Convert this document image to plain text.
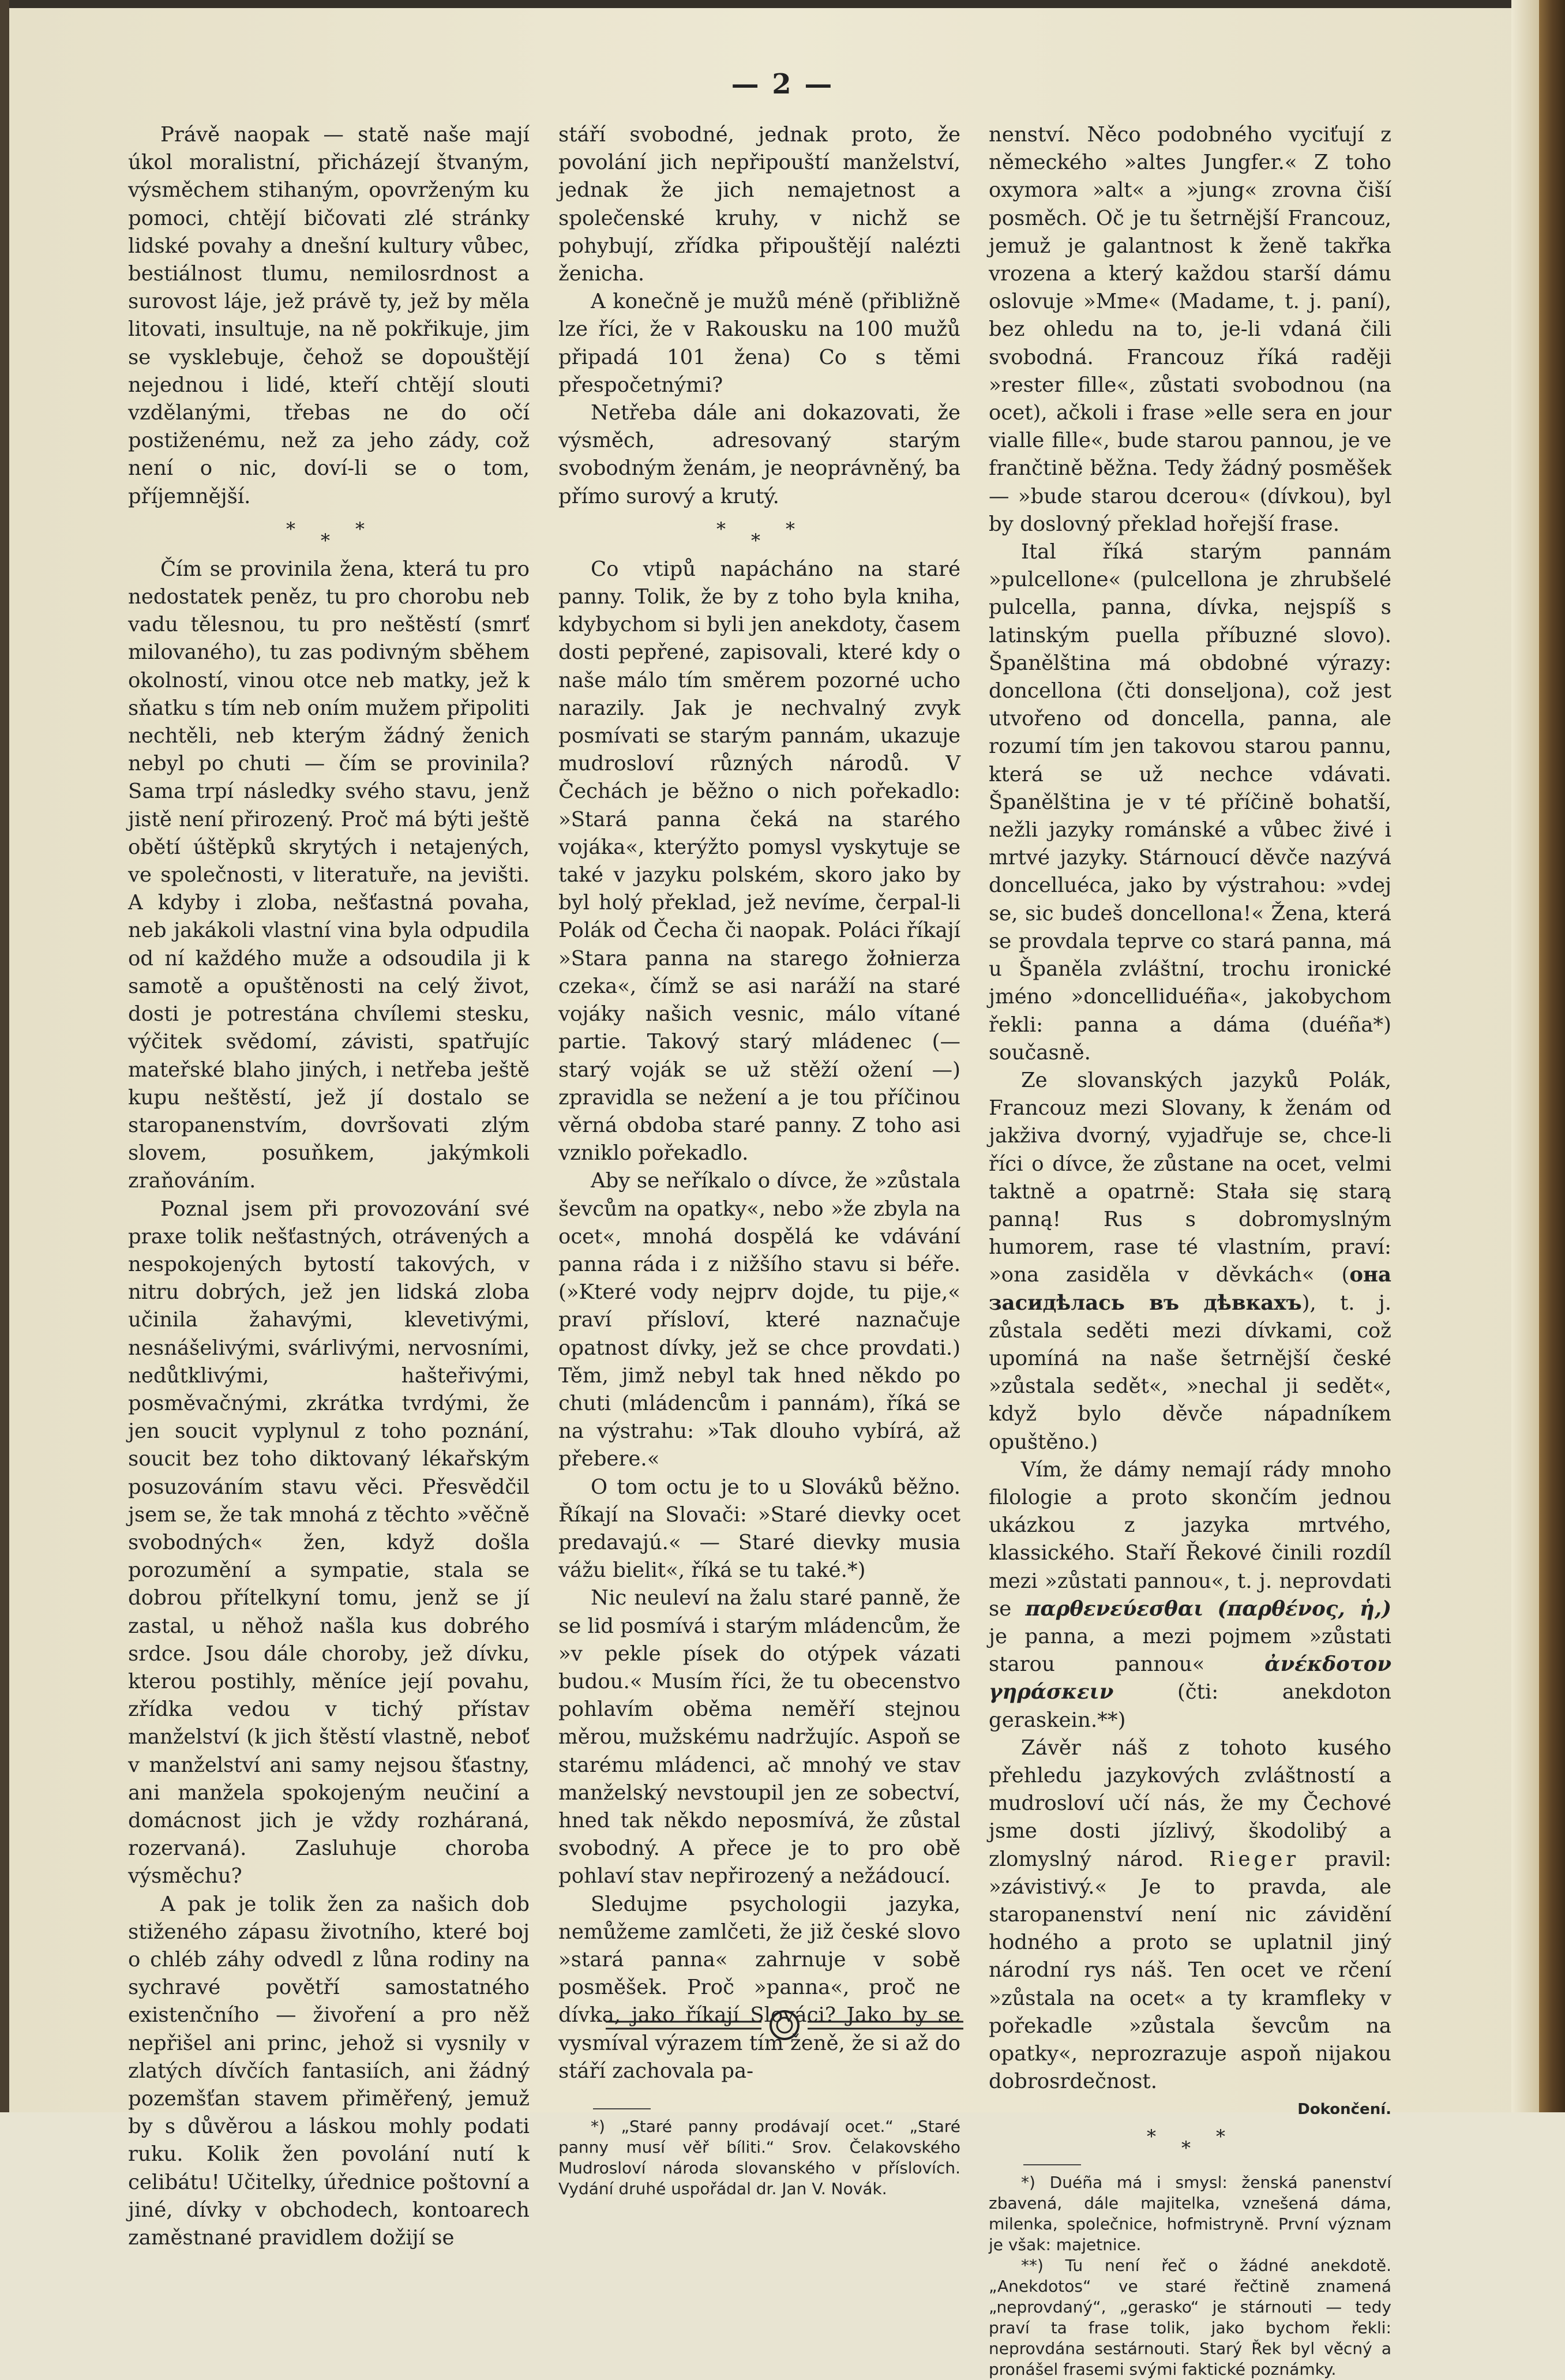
— 2 —

Právě naopak — statě naše mají úkol moralistní, přicházejí štvaným, výsměchem stihaným, opovrženým ku pomoci, chtějí bičovati zlé stránky lidské povahy a dnešní kultury vůbec, bestiálnost tlumu, nemilosrdnost a surovost láje, jež právě ty, jež by měla litovati, insultuje, na ně pokřikuje, jim se vysklebuje, čehož se dopouštějí nejednou i lidé, kteří chtějí slouti vzdělanými, třebas ne do očí postiženému, než za jeho zády, což není o nic, doví-li se o tom, příjemnější.

*
*
*

Čím se provinila žena, která tu pro nedostatek peněz, tu pro chorobu neb vadu tělesnou, tu pro neštěstí (smrť milovaného), tu zas podivným sběhem okolností, vinou otce neb matky, jež k sňatku s tím neb oním mužem připoliti nechtěli, neb kterým žádný ženich nebyl po chuti — čím se provinila? Sama trpí následky svého stavu, jenž jistě není přirozený. Proč má býti ještě obětí úštěpků skrytých i netajených, ve společnosti, v literatuře, na jevišti. A kdyby i zloba, nešťastná povaha, neb jakákoli vlastní vina byla odpudila od ní každého muže a odsoudila ji k samotě a opuštěnosti na celý život, dosti je potrestána chvílemi stesku, výčitek svědomí, závisti, spatřujíc mateřské blaho jiných, i netřeba ještě kupu neštěstí, jež jí dostalo se staropanenstvím, dovršovati zlým slovem, posuňkem, jakýmkoli zraňováním.

Poznal jsem při provozování své praxe tolik nešťastných, otrávených a nespokojených bytostí takových, v nitru dobrých, jež jen lidská zloba učinila žahavými, klevetivými, nesnášelivými, svárlivými, nervosními, nedůtklivými, hašteřivými, posměvačnými, zkrátka tvrdými, že jen soucit vyplynul z toho poznání, soucit bez toho diktovaný lékařským posuzováním stavu věci. Přesvědčil jsem se, že tak mnohá z těchto »věčně svobodných« žen, když došla porozumění a sympatie, stala se dobrou přítelkyní tomu, jenž se jí zastal, u něhož našla kus dobrého srdce. Jsou dále choroby, jež dívku, kterou postihly, měníce její povahu, zřídka vedou v tichý přístav manželství (k jich štěstí vlastně, neboť v manželství ani samy nejsou šťastny, ani manžela spokojeným neučiní a domácnost jich je vždy rozháraná, rozervaná). Zasluhuje choroba výsměchu?

A pak je tolik žen za našich dob stiženého zápasu životního, které boj o chléb záhy odvedl z lůna rodiny na sychravé povětří samostatného existenčního — živoření a pro něž nepřišel ani princ, jehož si vysnily v zlatých dívčích fantasiích, ani žádný pozemšťan stavem přiměřený, jemuž by s důvěrou a láskou mohly podati ruku. Kolik žen povolání nutí k celibátu! Učitelky, úřednice poštovní a jiné, dívky v obchodech, kontoarech zaměstnané pravidlem dožijí se

stáří svobodné, jednak proto, že povolání jich nepřipouští manželství, jednak že jich nemajetnost a společenské kruhy, v nichž se pohybují, zřídka připouštějí nalézti ženicha.

A konečně je mužů méně (přibližně lze říci, že v Rakousku na 100 mužů připadá 101 žena) Co s těmi přespočetnými?

Netřeba dále ani dokazovati, že výsměch, adresovaný starým svobodným ženám, je neoprávněný, ba přímo surový a krutý.

*
*
*

Co vtipů napácháno na staré panny. Tolik, že by z toho byla kniha, kdybychom si byli jen anekdoty, časem dosti pepřené, zapisovali, které kdy o naše málo tím směrem pozorné ucho narazily. Jak je nechvalný zvyk posmívati se starým pannám, ukazuje mudrosloví různých národů. V Čechách je běžno o nich pořekadlo: »Stará panna čeká na starého vojáka«, kterýžto pomysl vyskytuje se také v jazyku polském, skoro jako by byl holý překlad, jež nevíme, čerpal-li Polák od Čecha či naopak. Poláci říkají »Stara panna na starego žołnierza czeka«, čímž se asi naráží na staré vojáky našich vesnic, málo vítané partie. Takový starý mládenec (— starý voják se už stěží ožení —) zpravidla se nežení a je tou příčinou věrná obdoba staré panny. Z toho asi vzniklo pořekadlo.

Aby se neříkalo o dívce, že »zůstala ševcům na opatky«, nebo »že zbyla na ocet«, mnohá dospělá ke vdávání panna ráda i z nižšího stavu si béře. (»Které vody nejprv dojde, tu pije,« praví přísloví, které naznačuje opatnost dívky, jež se chce provdati.) Těm, jimž nebyl tak hned někdo po chuti (mládencům i pannám), říká se na výstrahu: »Tak dlouho vybírá, až přebere.«

O tom octu je to u Slováků běžno. Říkají na Slovači: »Staré dievky ocet predavajú.« — Staré dievky musia vážu bielit«, říká se tu také.*)

Nic neuleví na žalu staré panně, že se lid posmívá i starým mládencům, že »v pekle písek do otýpek vázati budou.« Musím říci, že tu obecenstvo pohlavím oběma neměří stejnou měrou, mužskému nadržujíc. Aspoň se starému mládenci, ač mnohý ve stav manželský nevstoupil jen ze sobectví, hned tak někdo neposmívá, že zůstal svobodný. A přece je to pro obě pohlaví stav nepřirozený a nežádoucí.

Sledujme psychologii jazyka, nemůžeme zamlčeti, že již české slovo »stará panna« zahrnuje v sobě posměšek. Proč »panna«, proč ne dívka, jako říkají Slováci? Jako by se vysmíval výrazem tím ženě, že si až do stáří zachovala pa-

*) „Staré panny prodávají ocet.“ „Staré panny musí věř bíliti.“ Srov. Čelakovského Mudrosloví národa slovanského v příslovích. Vydání druhé uspořádal dr. Jan V. Novák.

nenství. Něco podobného vyciťují z německého »altes Jungfer.« Z toho oxymora »alt« a »jung« zrovna čiší posměch. Oč je tu šetrnější Francouz, jemuž je galantnost k ženě takřka vrozena a který každou starší dámu oslovuje »Mme« (Madame, t. j. paní), bez ohledu na to, je-li vdaná čili svobodná. Francouz říká raději »rester fille«, zůstati svobodnou (na ocet), ačkoli i frase »elle sera en jour vialle fille«, bude starou pannou, je ve frančtině běžna. Tedy žádný posměšek — »bude starou dcerou« (dívkou), byl by doslovný překlad hořejší frase.

Ital říká starým pannám »pulcellone« (pulcellona je zhrubšelé pulcella, panna, dívka, nejspíš s latinským puella příbuzné slovo). Španělština má obdobné výrazy: doncellona (čti donseljona), což jest utvořeno od doncella, panna, ale rozumí tím jen takovou starou pannu, která se už nechce vdávati. Španělština je v té příčině bohatší, nežli jazyky románské a vůbec živé i mrtvé jazyky. Stárnoucí děvče nazývá doncelluéca, jako by výstrahou: »vdej se, sic budeš doncellona!« Žena, která se provdala teprve co stará panna, má u Španěla zvláštní, trochu ironické jméno »doncelliduéña«, jakobychom řekli: panna a dáma (duéña*) současně.

Ze slovanských jazyků Polák, Francouz mezi Slovany, k ženám od jakživa dvorný, vyjadřuje se, chce-li říci o dívce, že zůstane na ocet, velmi taktně a opatrně: Stała się starą panną! Rus s dobromyslným humorem, rase té vlastním, praví: »ona zasiděla v děvkách« (она засидѣлась въ дѣвкахъ), t. j. zůstala seděti mezi dívkami, což upomíná na naše šetrnější české »zůstala sedět«, »nechal ji sedět«, když bylo děvče nápadníkem opuštěno.)

Vím, že dámy nemají rády mnoho filologie a proto skončím jednou ukázkou z jazyka mrtvého, klassického. Staří Řekové činili rozdíl mezi »zůstati pannou«, t. j. neprovdati se παρθενεύεσθαι (παρθένος, ἡ,) je panna, a mezi pojmem »zůstati starou pannou« ἀνέκδοτον γηράσκειν (čti: anekdoton geraskein.**)

Závěr náš z tohoto kusého přehledu jazykových zvláštností a mudrosloví učí nás, že my Čechové jsme dosti jízlivý, škodolibý a zlomyslný národ. Rieger pravil: »závistivý.« Je to pravda, ale staropanenství není nic závidění hodného a proto se uplatnil jiný národní rys náš. Ten ocet ve rčení »zůstala na ocet« a ty kramfleky v pořekadle »zůstala ševcům na opatky«, neprozrazuje aspoň nijakou dobrosrdečnost.

Dokončení.
*
*
*

*) Duéña má i smysl: ženská panenství zbavená, dále majitelka, vznešená dáma, milenka, společnice, hofmistryně. První význam je však: majetnice.

**) Tu není řeč o žádné anekdotě. „Anekdotos“ ve staré řečtině znamená „neprovdaný“, „gerasko“ je stárnouti — tedy praví ta frase tolik, jako bychom řekli: neprovdána sestárnouti. Starý Řek byl věcný a pronášel frasemi svými faktické poznámky.
